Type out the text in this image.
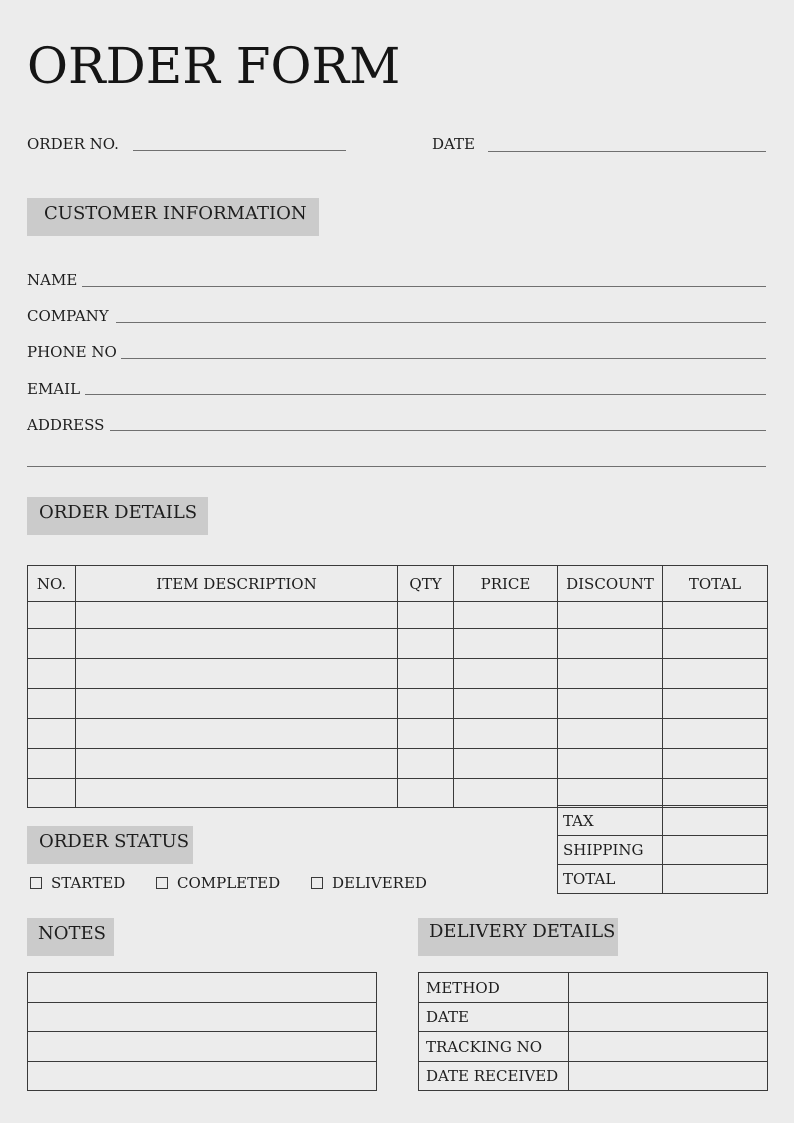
ORDER FORM
ORDER NO.	DATE
CUSTOMER INFORMATION
NAME
COMPANY
PHONE NO
EMAIL
ADDRESS
ORDER DETAILS
NO.	ITEM DESCRIPTION	QTY	PRICE	DISCOUNT	TOTAL

TAX	
SHIPPING	
TOTAL	
ORDER STATUS
STARTED	COMPLETED	DELIVERED
NOTES	DELIVERY DETAILS
METHOD	
DATE	
TRACKING NO	
DATE RECEIVED	
